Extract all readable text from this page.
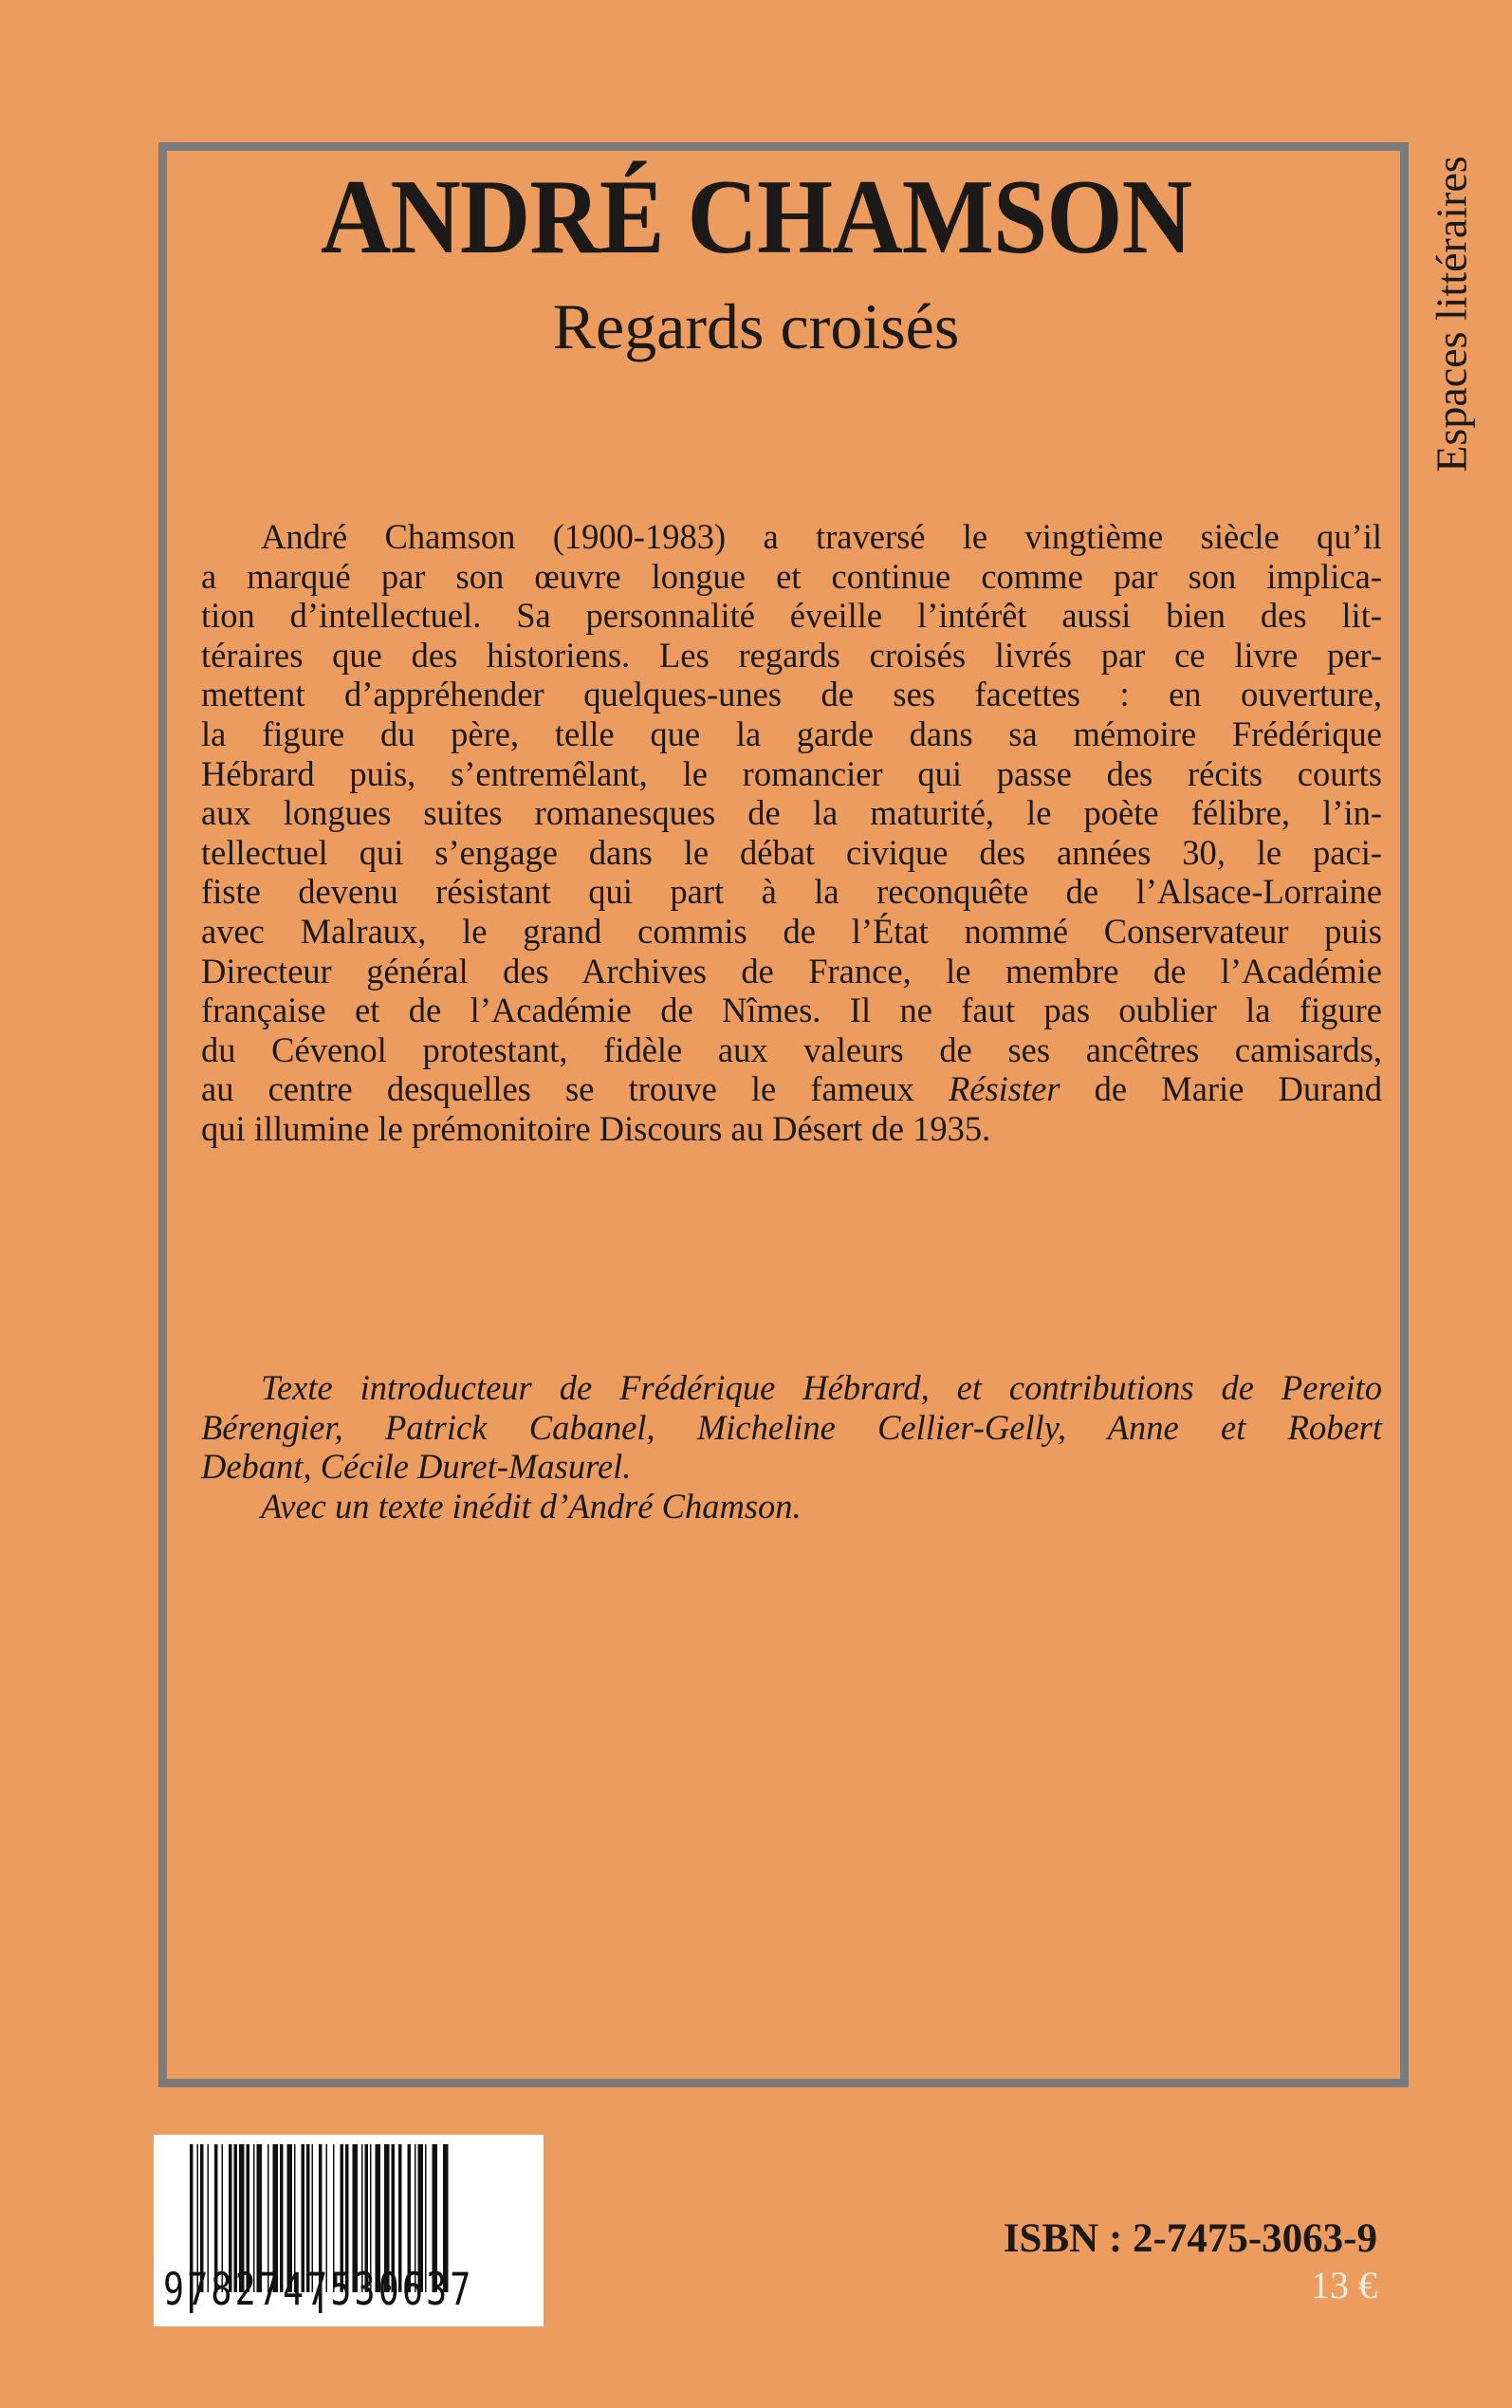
ANDRÉ CHAMSON
Regards croisés	Espaces littéraires
André Chamson (1900-1983) a traversé le vingtième siècle qu’il
a marqué par son œuvre longue et continue comme par son implica-
tion d’intellectuel. Sa personnalité éveille l’intérêt aussi bien des lit-
téraires que des historiens. Les regards croisés livrés par ce livre per-
mettent d’appréhender quelques-unes de ses facettes : en ouverture,
la figure du père, telle que la garde dans sa mémoire Frédérique
Hébrard puis, s’entremêlant, le romancier qui passe des récits courts
aux longues suites romanesques de la maturité, le poète félibre, l’in-
tellectuel qui s’engage dans le débat civique des années 30, le paci-
fiste devenu résistant qui part à la reconquête de l’Alsace-Lorraine
avec Malraux, le grand commis de l’État nommé Conservateur puis
Directeur général des Archives de France, le membre de l’Académie
française et de l’Académie de Nîmes. Il ne faut pas oublier la figure
du Cévenol protestant, fidèle aux valeurs de ses ancêtres camisards,
au centre desquelles se trouve le fameux Résister de Marie Durand
qui illumine le prémonitoire Discours au Désert de 1935.
Texte introducteur de Frédérique Hébrard, et contributions de Pereito
Bérengier, Patrick Cabanel, Micheline Cellier-Gelly, Anne et Robert
Debant, Cécile Duret-Masurel.
Avec un texte inédit d’André Chamson.
9782747530637
ISBN : 2-7475-3063-9
13 €
